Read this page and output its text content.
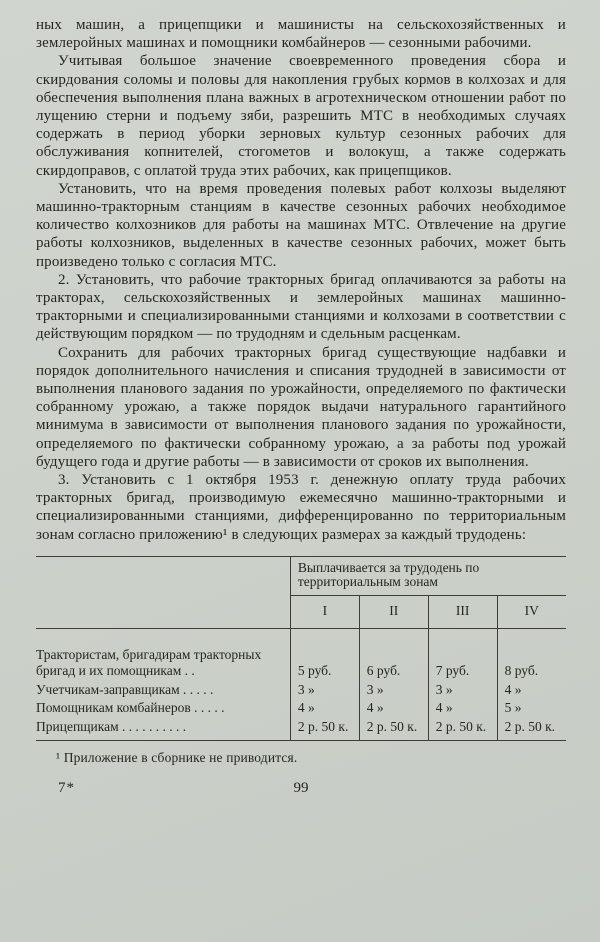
ных машин, а прицепщики и машинисты на сельскохозяйственных и землеройных машинах и помощники комбайнеров — сезонными рабочими.

Учитывая большое значение своевременного проведения сбора и скирдования соломы и половы для накопления грубых кормов в колхозах и для обеспечения выполнения плана важных в агротехническом отношении работ по лущению стерни и подъему зяби, разрешить МТС в необходимых случаях содержать в период уборки зерновых культур сезонных рабочих для обслуживания копнителей, стогометов и волокуш, а также содержать скирдоправов, с оплатой труда этих рабочих, как прицепщиков.

Установить, что на время проведения полевых работ колхозы выделяют машинно-тракторным станциям в качестве сезонных рабочих необходимое количество колхозников для работы на машинах МТС. Отвлечение на другие работы колхозников, выделенных в качестве сезонных рабочих, может быть произведено только с согласия МТС.

2. Установить, что рабочие тракторных бригад оплачиваются за работы на тракторах, сельскохозяйственных и землеройных машинах машинно-тракторными и специализированными станциями и колхозами в соответствии с действующим порядком — по трудодням и сдельным расценкам.

Сохранить для рабочих тракторных бригад существующие надбавки и порядок дополнительного начисления и списания трудодней в зависимости от выполнения планового задания по урожайности, определяемого по фактически собранному урожаю, а также порядок выдачи натурального гарантийного минимума в зависимости от выполнения планового задания по урожайности, определяемого по фактически собранному урожаю, а за работы под урожай будущего года и другие работы — в зависимости от сроков их выполнения.

3. Установить с 1 октября 1953 г. денежную оплату труда рабочих тракторных бригад, производимую ежемесячно машинно-тракторными и специализированными станциями, дифференцированно по территориальным зонам согласно приложению¹ в следующих размерах за каждый трудодень:

	Выплачивается за трудодень по территориальным зонам			
	I	II	III	IV
Трактористам, бригадирам тракторных бригад и их помощникам . .	5 руб.	6 руб.	7 руб.	8 руб.
Учетчикам-заправщикам . . . . .	3 »	3 »	3 »	4 »
Помощникам комбайнеров . . . . .	4 »	4 »	4 »	5 »
Прицепщикам . . . . . . . . . .	2 р. 50 к.	2 р. 50 к.	2 р. 50 к.	2 р. 50 к.

¹ Приложение в сборнике не приводится.

7*	99
